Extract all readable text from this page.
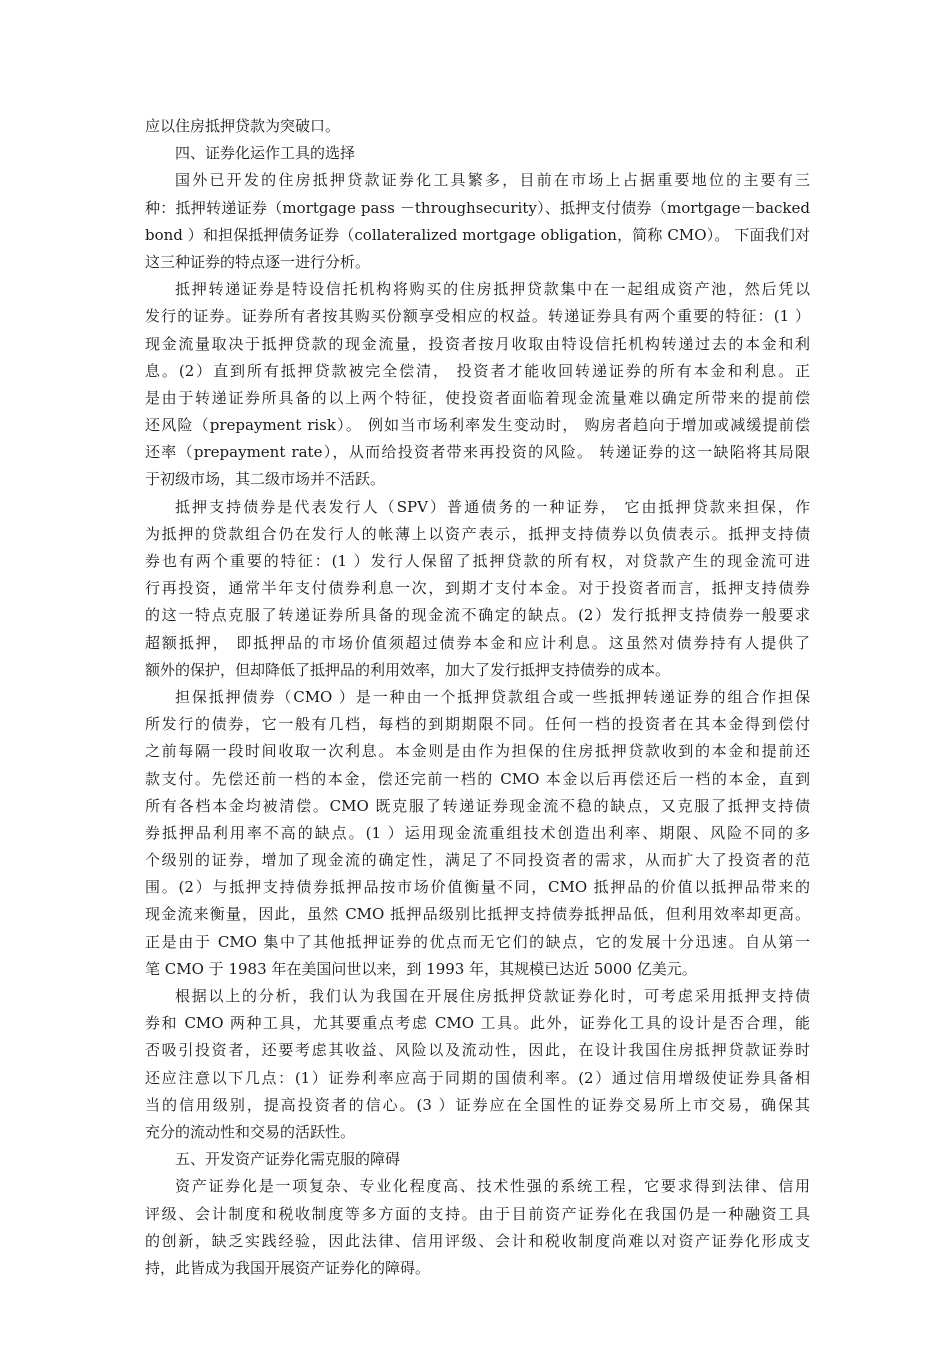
应以住房抵押贷款为突破口。
四、证券化运作工具的选择
国外已开发的住房抵押贷款证券化工具繁多，目前在市场上占据重要地位的主要有三
种：抵押转递证券（mortgage pass －throughsecurity）、抵押支付债券（mortgage－backed
bond ）和担保抵押债务证券（collateralized mortgage obligation，简称 CMO）。 下面我们对
这三种证券的特点逐一进行分析。
抵押转递证券是特设信托机构将购买的住房抵押贷款集中在一起组成资产池，然后凭以
发行的证券。证券所有者按其购买份额享受相应的权益。转递证券具有两个重要的特征：(1 ）
现金流量取决于抵押贷款的现金流量，投资者按月收取由特设信托机构转递过去的本金和利
息。(2）直到所有抵押贷款被完全偿清， 投资者才能收回转递证券的所有本金和利息。正
是由于转递证券所具备的以上两个特征，使投资者面临着现金流量难以确定所带来的提前偿
还风险（prepayment risk）。 例如当市场利率发生变动时， 购房者趋向于增加或减缓提前偿
还率（prepayment rate），从而给投资者带来再投资的风险。 转递证券的这一缺陷将其局限
于初级市场，其二级市场并不活跃。
抵押支持债券是代表发行人（SPV）普通债务的一种证券， 它由抵押贷款来担保，作
为抵押的贷款组合仍在发行人的帐薄上以资产表示，抵押支持债券以负债表示。抵押支持债
券也有两个重要的特征：(1 ）发行人保留了抵押贷款的所有权，对贷款产生的现金流可进
行再投资，通常半年支付债券利息一次，到期才支付本金。对于投资者而言，抵押支持债券
的这一特点克服了转递证券所具备的现金流不确定的缺点。(2）发行抵押支持债券一般要求
超额抵押， 即抵押品的市场价值须超过债券本金和应计利息。这虽然对债券持有人提供了
额外的保护，但却降低了抵押品的利用效率，加大了发行抵押支持债券的成本。
担保抵押债券（CMO ）是一种由一个抵押贷款组合或一些抵押转递证券的组合作担保
所发行的债券，它一般有几档，每档的到期期限不同。任何一档的投资者在其本金得到偿付
之前每隔一段时间收取一次利息。本金则是由作为担保的住房抵押贷款收到的本金和提前还
款支付。先偿还前一档的本金，偿还完前一档的 CMO 本金以后再偿还后一档的本金，直到
所有各档本金均被清偿。CMO 既克服了转递证券现金流不稳的缺点，又克服了抵押支持债
券抵押品利用率不高的缺点。(1 ）运用现金流重组技术创造出利率、期限、风险不同的多
个级别的证券，增加了现金流的确定性，满足了不同投资者的需求，从而扩大了投资者的范
围。(2）与抵押支持债券抵押品按市场价值衡量不同，CMO 抵押品的价值以抵押品带来的
现金流来衡量，因此，虽然 CMO 抵押品级别比抵押支持债券抵押品低，但利用效率却更高。
正是由于 CMO 集中了其他抵押证券的优点而无它们的缺点，它的发展十分迅速。自从第一
笔 CMO 于 1983 年在美国问世以来，到 1993 年，其规模已达近 5000 亿美元。
根据以上的分析，我们认为我国在开展住房抵押贷款证券化时，可考虑采用抵押支持债
券和 CMO 两种工具，尤其要重点考虑 CMO 工具。此外，证券化工具的设计是否合理，能
否吸引投资者，还要考虑其收益、风险以及流动性，因此，在设计我国住房抵押贷款证券时
还应注意以下几点：(1）证券利率应高于同期的国债利率。(2）通过信用增级使证券具备相
当的信用级别，提高投资者的信心。(3 ）证券应在全国性的证券交易所上市交易，确保其
充分的流动性和交易的活跃性。
五、开发资产证券化需克服的障碍
资产证券化是一项复杂、专业化程度高、技术性强的系统工程，它要求得到法律、信用
评级、会计制度和税收制度等多方面的支持。由于目前资产证券化在我国仍是一种融资工具
的创新，缺乏实践经验，因此法律、信用评级、会计和税收制度尚难以对资产证券化形成支
持，此皆成为我国开展资产证券化的障碍。
